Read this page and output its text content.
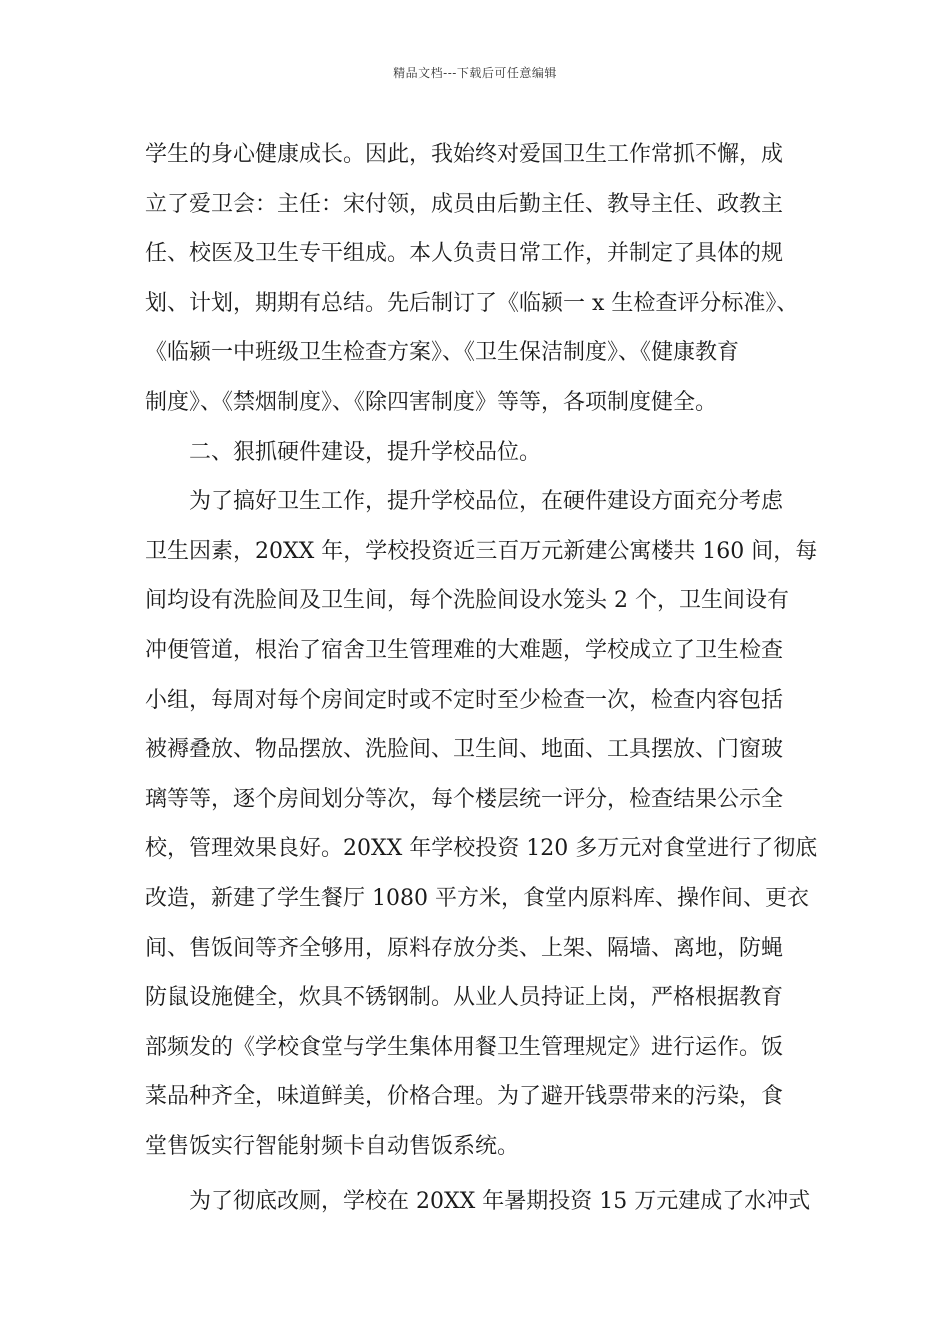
精品文档---下载后可任意编辑
学生的身心健康成长。因此，我始终对爱国卫生工作常抓不懈，成
立了爱卫会：主任：宋付领，成员由后勤主任、教导主任、政教主
任、校医及卫生专干组成。本人负责日常工作，并制定了具体的规
划、计划，期期有总结。先后制订了《临颍一 x 生检查评分标准》、
《临颍一中班级卫生检查方案》、《卫生保洁制度》、《健康教育
制度》、《禁烟制度》、《除四害制度》等等，各项制度健全。
二、狠抓硬件建设，提升学校品位。
为了搞好卫生工作，提升学校品位，在硬件建设方面充分考虑
卫生因素，20XX 年，学校投资近三百万元新建公寓楼共 160 间，每
间均设有洗脸间及卫生间，每个洗脸间设水笼头 2 个，卫生间设有
冲便管道，根治了宿舍卫生管理难的大难题，学校成立了卫生检查
小组，每周对每个房间定时或不定时至少检查一次，检查内容包括
被褥叠放、物品摆放、洗脸间、卫生间、地面、工具摆放、门窗玻
璃等等，逐个房间划分等次，每个楼层统一评分，检查结果公示全
校，管理效果良好。20XX 年学校投资 120 多万元对食堂进行了彻底
改造，新建了学生餐厅 1080 平方米，食堂内原料库、操作间、更衣
间、售饭间等齐全够用，原料存放分类、上架、隔墙、离地，防蝇
防鼠设施健全，炊具不锈钢制。从业人员持证上岗，严格根据教育
部频发的《学校食堂与学生集体用餐卫生管理规定》进行运作。饭
菜品种齐全，味道鲜美，价格合理。为了避开钱票带来的污染，食
堂售饭实行智能射频卡自动售饭系统。
为了彻底改厕，学校在 20XX 年暑期投资 15 万元建成了水冲式
